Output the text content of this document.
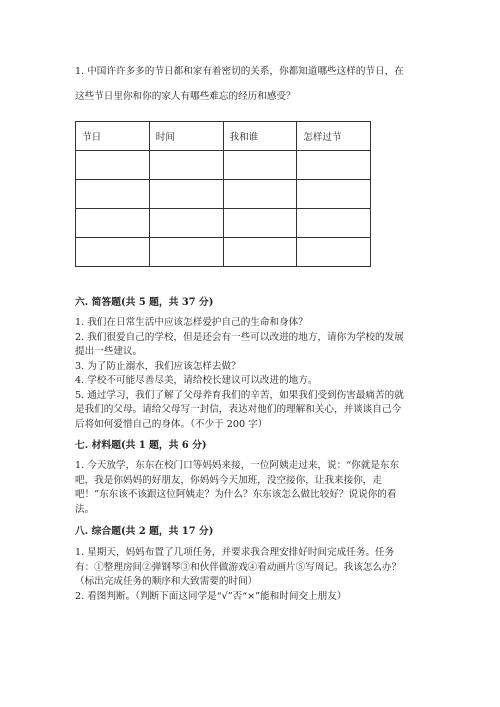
1. 中国许许多多的节日都和家有着密切的关系，你都知道哪些这样的节日，在
这些节日里你和你的家人有哪些难忘的经历和感受？
节日	时间	我和谁	怎样过节

六. 简答题(共 5 题，共 37 分)
1. 我们在日常生活中应该怎样爱护自己的生命和身体？
2. 我们很爱自己的学校，但是还会有一些可以改进的地方，请你为学校的发展
提出一些建议。
3. 为了防止溺水，我们应该怎样去做？
4. 学校不可能尽善尽美，请给校长建议可以改进的地方。
5. 通过学习，我们了解了父母养育我们的辛苦，如果我们受到伤害最痛苦的就
是我们的父母。请给父母写一封信，表达对他们的理解和关心，并谈谈自己今
后将如何爱惜自己的身体。（不少于 200 字）
七. 材料题(共 1 题，共 6 分)
1. 今天放学，东东在校门口等妈妈来接，一位阿姨走过来，说：“你就是东东
吧，我是你妈妈的好朋友，你妈妈今天加班，没空接你，让我来接你，走
吧！”东东该不该跟这位阿姨走？为什么？东东该怎么做比较好？说说你的看
法。
八. 综合题(共 2 题，共 17 分)
1. 星期天，妈妈布置了几项任务，并要求我合理安排好时间完成任务。任务
有：①整理房间②弹钢琴③和伙伴做游戏④看动画片⑤写周记。我该怎么办？
（标出完成任务的顺序和大致需要的时间）
2. 看图判断。（判断下面这同学是“√”否“×”能和时间交上朋友）
